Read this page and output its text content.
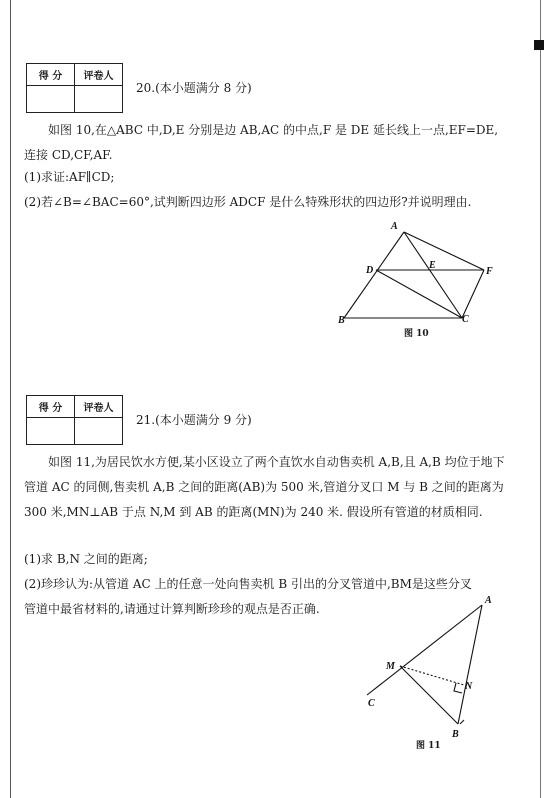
得 分	评卷人

20.(本小题满分 8 分)
如图 10,在△ABC 中,D,E 分别是边 AB,AC 的中点,F 是 DE 延长线上一点,EF=DE,连接 CD,CF,AF.
(1)求证:AF∥CD;
(2)若∠B=∠BAC=60°,试判断四边形 ADCF 是什么特殊形状的四边形?并说明理由.
A
B	C
D	E
F
图 10
得 分	评卷人

21.(本小题满分 9 分)
如图 11,为居民饮水方便,某小区设立了两个直饮水自动售卖机 A,B,且 A,B 均位于地下管道 AC 的同侧,售卖机 A,B 之间的距离(AB)为 500 米,管道分叉口 M 与 B 之间的距离为 300 米,MN⊥AB 于点 N,M 到 AB 的距离(MN)为 240 米. 假设所有管道的材质相同.
(1)求 B,N 之间的距离;
(2)珍珍认为:从管道 AC 上的任意一处向售卖机 B 引出的分叉管道中,BM是这些分叉
管道中最省材料的,请通过计算判断珍珍的观点是否正确.
A
M
N
B
C
图 11
